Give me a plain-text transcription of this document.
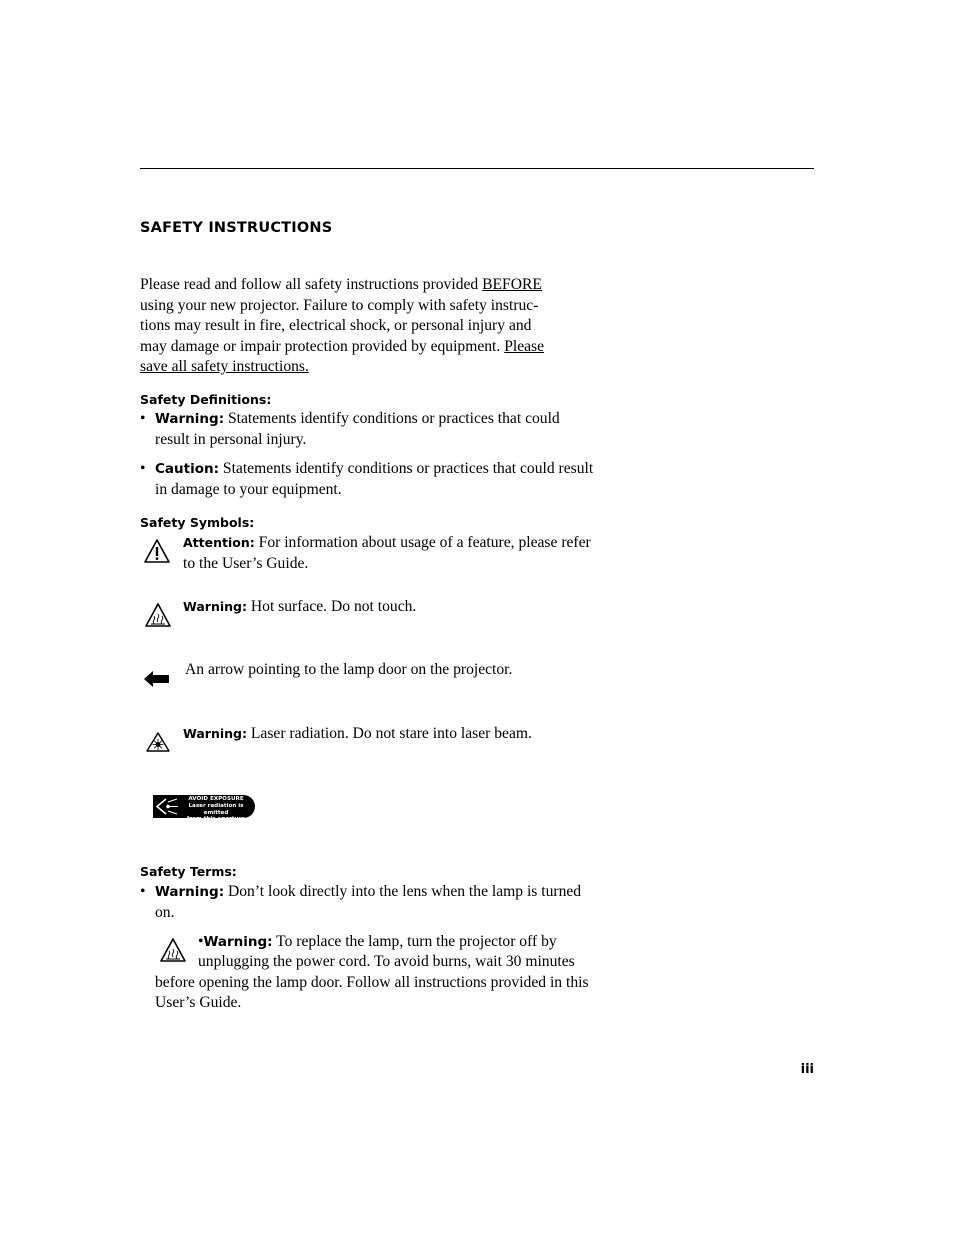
SAFETY INSTRUCTIONS
Please read and follow all safety instructions provided BEFORE
using your new projector. Failure to comply with safety instruc-
tions may result in fire, electrical shock, or personal injury and
may damage or impair protection provided by equipment. Please
save all safety instructions.
Safety Definitions:
• Warning: Statements identify conditions or practices that could result in personal injury.
• Caution: Statements identify conditions or practices that could result in damage to your equipment.
Safety Symbols:
Attention: For information about usage of a feature, please refer to the User’s Guide.
Warning: Hot surface. Do not touch.
An arrow pointing to the lamp door on the projector.
Warning: Laser radiation. Do not stare into laser beam.
AVOID EXPOSURE
Laser radiation is emitted
from this aperture
Safety Terms:
• Warning: Don’t look directly into the lens when the lamp is turned on.
•Warning: To replace the lamp, turn the projector off by
unplugging the power cord. To avoid burns, wait 30 minutes before opening the lamp door. Follow all instructions provided in this User’s Guide.
iii
